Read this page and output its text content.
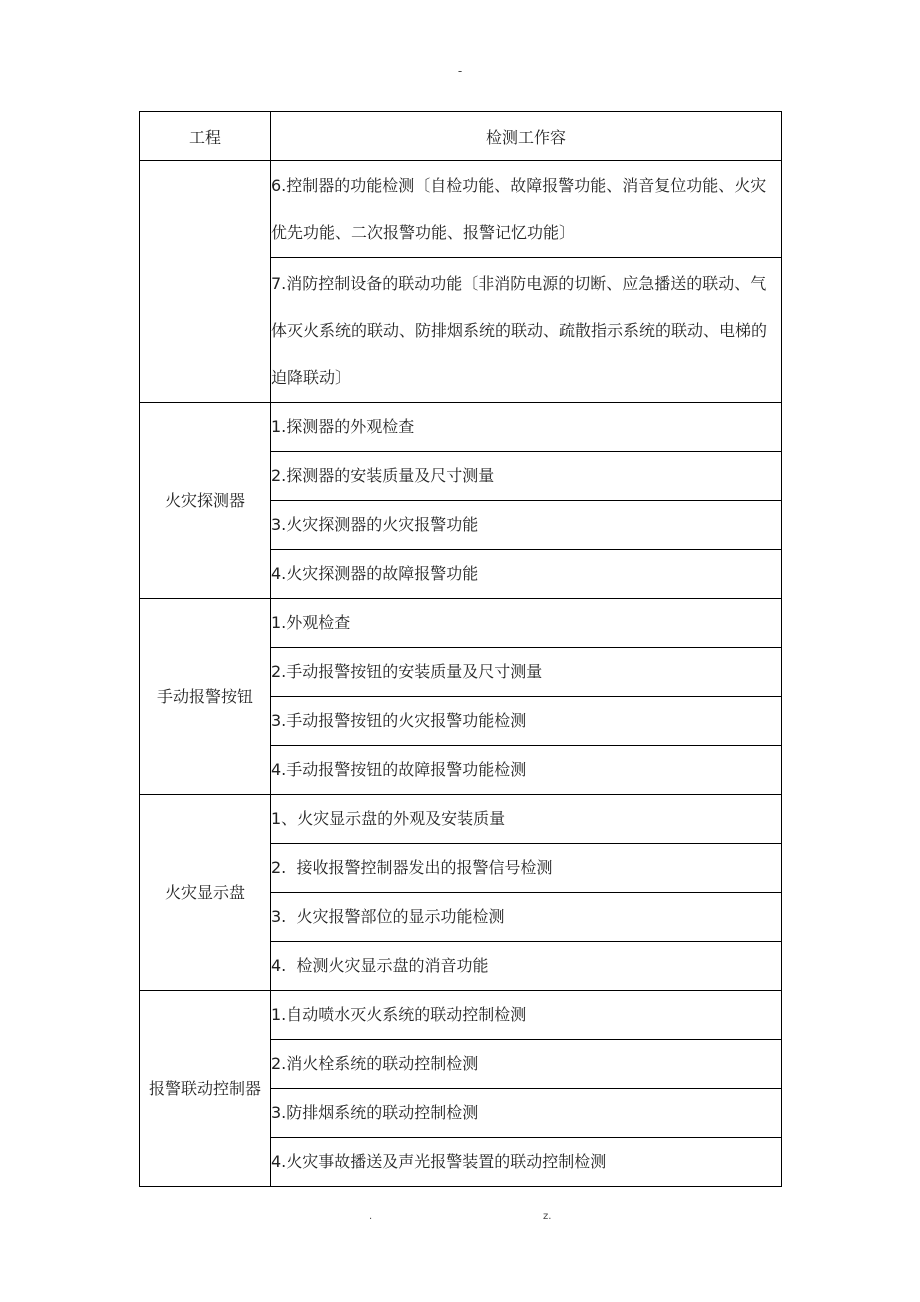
-
工程	检测工作容
	6.控制器的功能检测〔自检功能、故障报警功能、消音复位功能、火灾优先功能、二次报警功能、报警记忆功能〕
	7.消防控制设备的联动功能〔非消防电源的切断、应急播送的联动、气体灭火系统的联动、防排烟系统的联动、疏散指示系统的联动、电梯的迫降联动〕
火灾探测器	1.探测器的外观检查
	2.探测器的安装质量及尺寸测量
	3.火灾探测器的火灾报警功能
	4.火灾探测器的故障报警功能
手动报警按钮	1.外观检查
	2.手动报警按钮的安装质量及尺寸测量
	3.手动报警按钮的火灾报警功能检测
	4.手动报警按钮的故障报警功能检测
火灾显示盘	1、火灾显示盘的外观及安装质量
	2.  接收报警控制器发出的报警信号检测
	3.  火灾报警部位的显示功能检测
	4.  检测火灾显示盘的消音功能
报警联动控制器	1.自动喷水灭火系统的联动控制检测
	2.消火栓系统的联动控制检测
	3.防排烟系统的联动控制检测
	4.火灾事故播送及声光报警装置的联动控制检测
.	z.
